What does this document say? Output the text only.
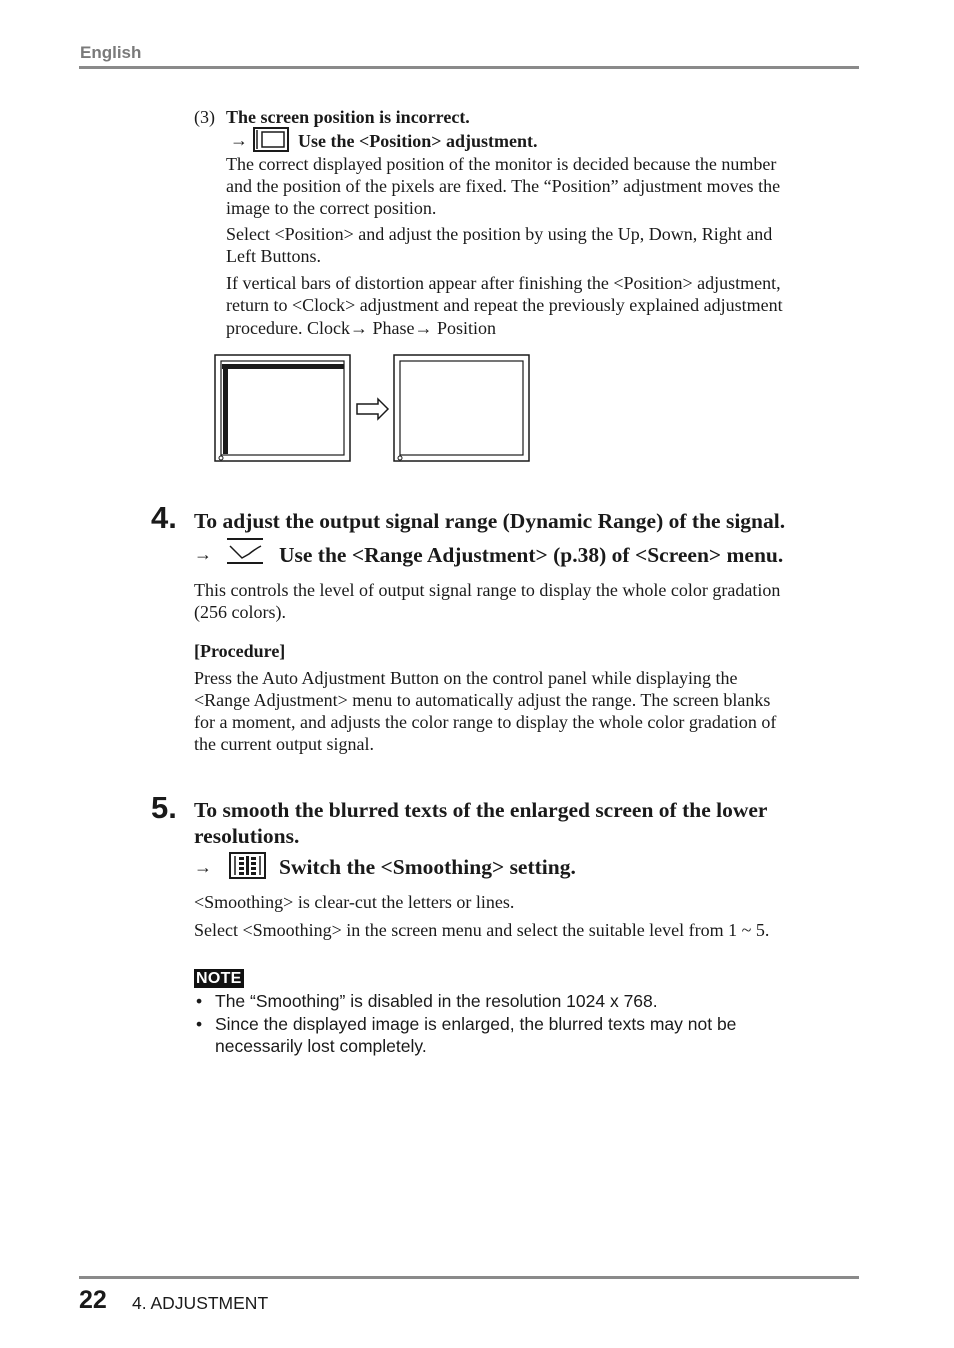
English
(3) The screen position is incorrect.
→	Use the <Position> adjustment.
The correct displayed position of the monitor is decided because the number
and the position of the pixels are fixed. The “Position” adjustment moves the
image to the correct position.
Select <Position> and adjust the position by using the Up, Down, Right and
Left Buttons.
If vertical bars of distortion appear after finishing the <Position> adjustment,
return to <Clock> adjustment and repeat the previously explained adjustment
procedure. Clock→ Phase→ Position
4. To adjust the output signal range (Dynamic Range) of the signal.
→	Use the <Range Adjustment> (p.38) of <Screen> menu.
This controls the level of output signal range to display the whole color gradation
(256 colors).
[Procedure]
Press the Auto Adjustment Button on the control panel while displaying the
<Range Adjustment> menu to automatically adjust the range. The screen blanks
for a moment, and adjusts the color range to display the whole color gradation of
the current output signal.
5. To smooth the blurred texts of the enlarged screen of the lower
resolutions.
→	Switch the <Smoothing> setting.
<Smoothing> is clear-cut the letters or lines.
Select <Smoothing> in the screen menu and select the suitable level from 1 ~ 5.
NOTE
• The “Smoothing” is disabled in the resolution 1024 x 768.
• Since the displayed image is enlarged, the blurred texts may not be
necessarily lost completely.
22 4. ADJUSTMENT
